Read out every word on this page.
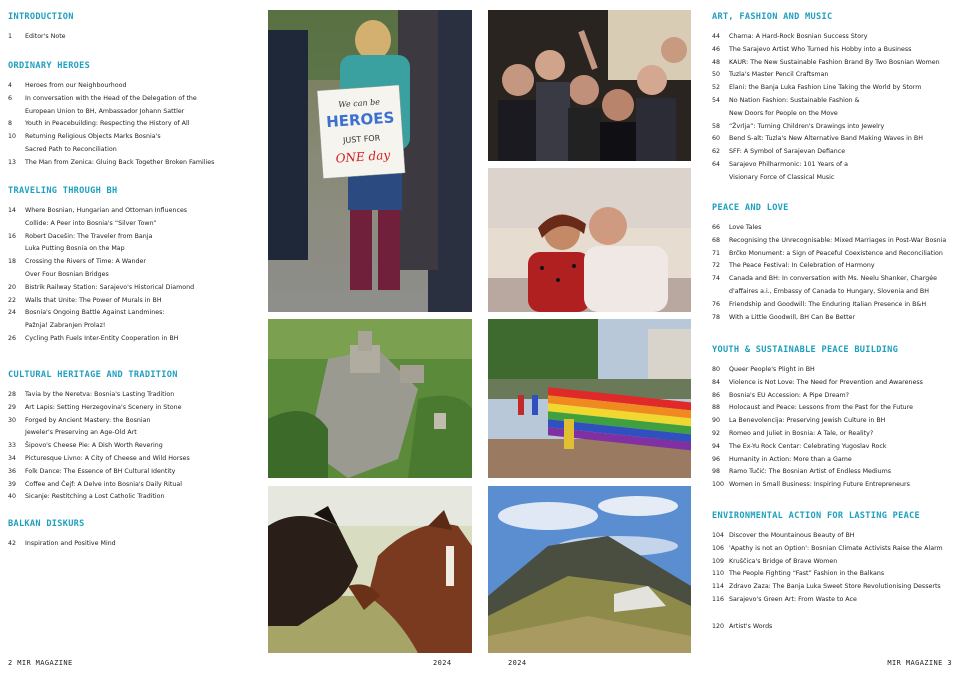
INTRODUCTION
1	Editor's Note
ORDINARY HEROES
4	Heroes from our Neighbourhood
6	In conversation with the Head of the Delegation of the
European Union to BH, Ambassador Johann Sattler
8	Youth in Peacebuilding: Respecting the History of All
10	Returning Religious Objects Marks Bosnia's
Sacred Path to Reconciliation
13	The Man from Zenica: Gluing Back Together Broken Families
TRAVELING THROUGH BH
14	Where Bosnian, Hungarian and Ottoman Influences
Collide: A Peer into Bosnia's “Silver Town”
16	Robert Dacešin: The Traveler from Banja
Luka Putting Bosnia on the Map
18	Crossing the Rivers of Time: A Wander
Over Four Bosnian Bridges
20	Bistrik Railway Station: Sarajevo's Historical Diamond
22	Walls that Unite: The Power of Murals in BH
24	Bosnia's Ongoing Battle Against Landmines:
Pažnja! Zabranjen Prolaz!
26	Cycling Path Fuels Inter-Entity Cooperation in BH
CULTURAL HERITAGE AND TRADITION
28	Tavia by the Neretva: Bosnia's Lasting Tradition
29	Art Lapis: Setting Herzegovina's Scenery in Stone
30	Forged by Ancient Mastery: the Bosnian
Jeweler's Preserving an Age-Old Art
33	Šipovo's Cheese Pie: A Dish Worth Revering
34	Picturesque Livno: A City of Cheese and Wild Horses
36	Folk Dance: The Essence of BH Cultural Identity
39	Coffee and Ćejf: A Delve into Bosnia's Daily Ritual
40	Sicanje: Restitching a Lost Catholic Tradition
BALKAN DISKURS
42	Inspiration and Positive Mind
We can be
HEROES
JUST FOR
ONE day
ART, FASHION AND MUSIC
44	Charna: A Hard-Rock Bosnian Success Story
46	The Sarajevo Artist Who Turned his Hobby into a Business
48	KAUR: The New Sustainable Fashion Brand By Two Bosnian Women
50	Tuzla's Master Pencil Craftsman
52	Elani: the Banja Luka Fashion Line Taking the World by Storm
54	No Nation Fashion: Sustainable Fashion &
New Doors for People on the Move
58	“Žvrlja”: Turning Children's Drawings into Jewelry
60	Bend S-alt: Tuzla's New Alternative Band Making Waves in BH
62	SFF: A Symbol of Sarajevan Defiance
64	Sarajevo Philharmonic: 101 Years of a
Visionary Force of Classical Music
PEACE AND LOVE
66	Love Tales
68	Recognising the Unrecognisable: Mixed Marriages in Post-War Bosnia
71	Brčko Monument: a Sign of Peaceful Coexistence and Reconciliation
72	The Peace Festival: In Celebration of Harmony
74	Canada and BH: In conversation with Ms. Neelu Shanker, Chargée
d'affaires a.i., Embassy of Canada to Hungary, Slovenia and BH
76	Friendship and Goodwill: The Enduring Italian Presence in B&H
78	With a Little Goodwill, BH Can Be Better
YOUTH & SUSTAINABLE PEACE BUILDING
80	Queer People's Plight in BH
84	Violence is Not Love: The Need for Prevention and Awareness
86	Bosnia's EU Accession: A Pipe Dream?
88	Holocaust and Peace: Lessons from the Past for the Future
90	La Benevolencija: Preserving Jewish Culture in BH
92	Romeo and Juliet in Bosnia: A Tale, or Reality?
94	The Ex-Yu Rock Centar: Celebrating Yugoslav Rock
96	Humanity in Action: More than a Game
98	Ramo Tučić: The Bosnian Artist of Endless Mediums
100 Women in Small Business: Inspiring Future Entrepreneurs
ENVIRONMENTAL ACTION FOR LASTING PEACE
104 Discover the Mountainous Beauty of BH
106 'Apathy is not an Option': Bosnian Climate Activists Raise the Alarm
109 Kruščica's Bridge of Brave Women
110 The People Fighting “Fast” Fashion in the Balkans
114 Zdravo Zaza: The Banja Luka Sweet Store Revolutionising Desserts
116 Sarajevo's Green Art: From Waste to Ace
120 Artist's Words
2 MIR MAGAZINE	2024	2024	MIR MAGAZINE 3
